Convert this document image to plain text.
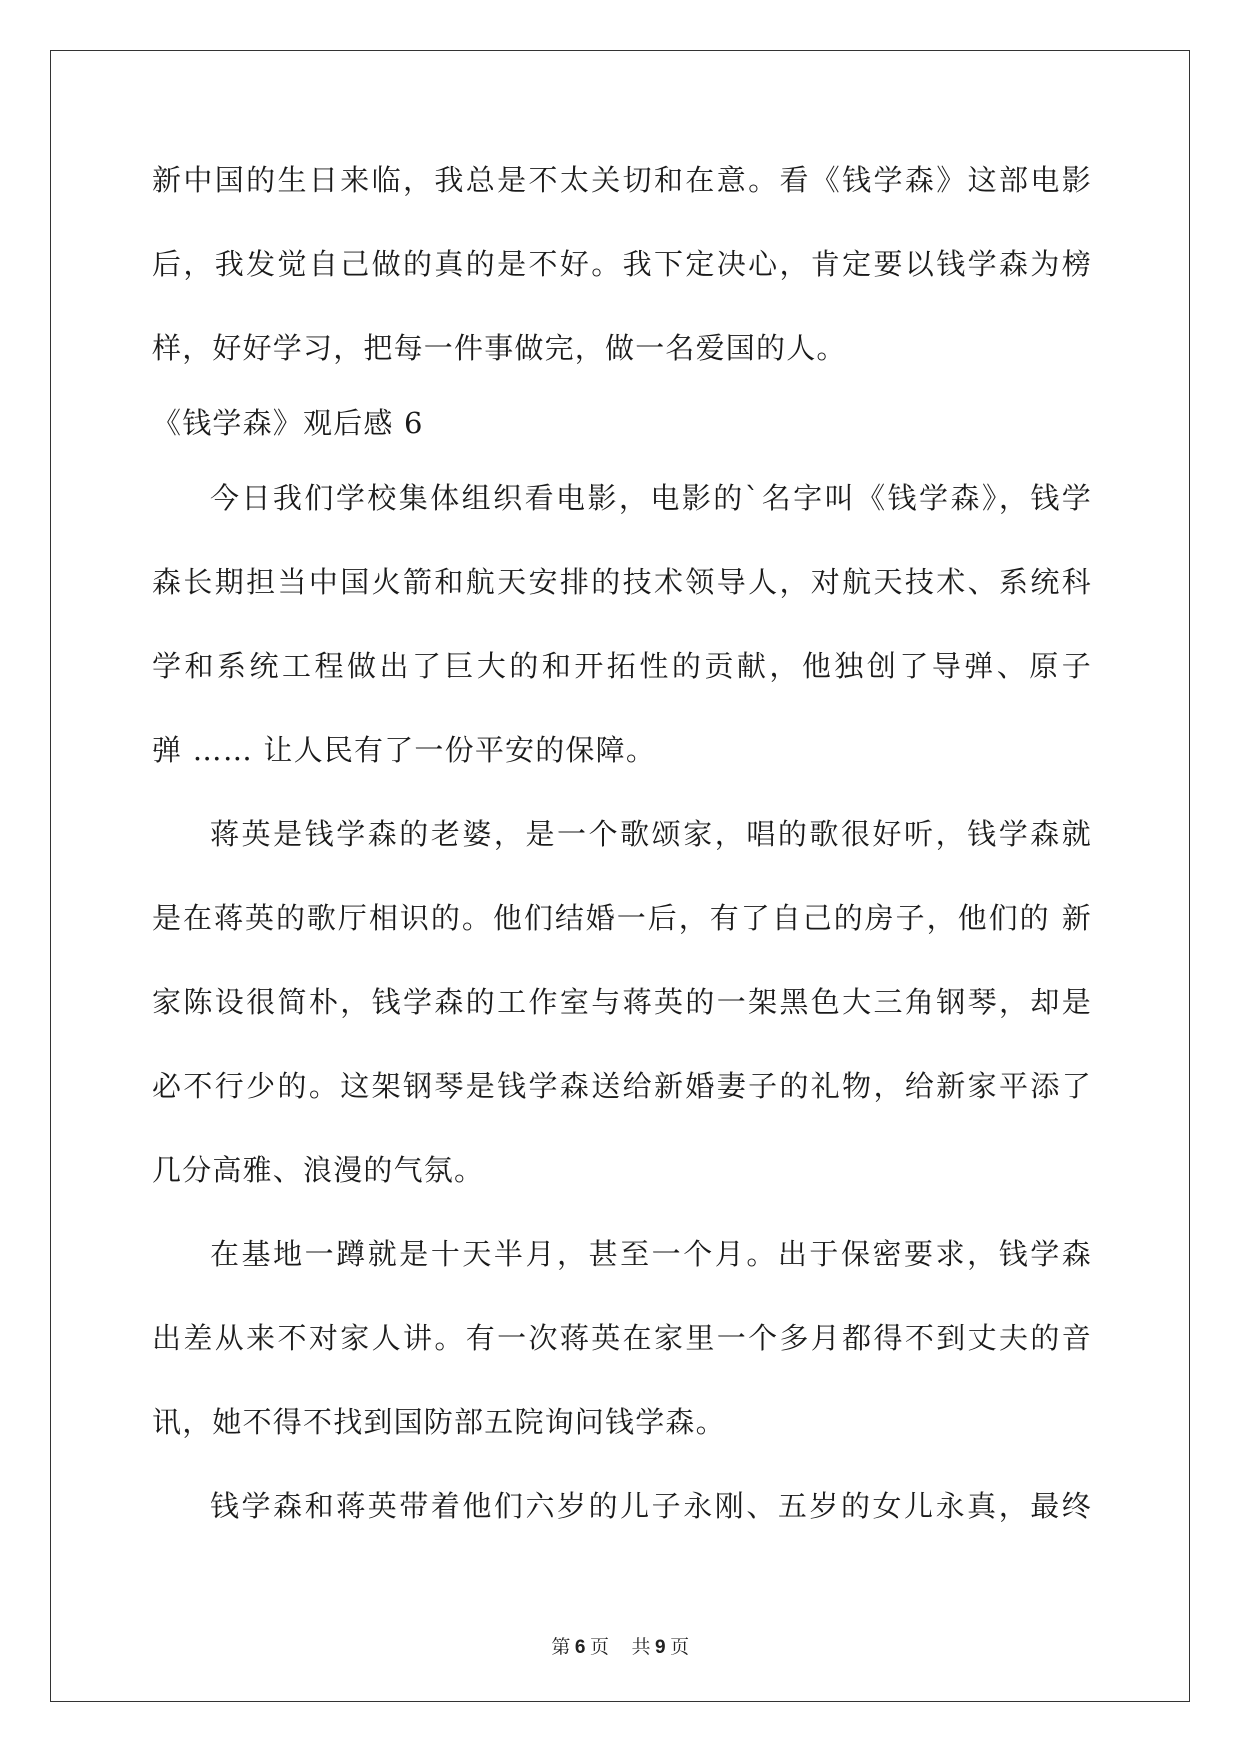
新中国的生日来临，我总是不太关切和在意。看《钱学森》这部电影
后，我发觉自己做的真的是不好。我下定决心，肯定要以钱学森为榜
样，好好学习，把每一件事做完，做一名爱国的人。
《钱学森》观后感 6
今日我们学校集体组织看电影，电影的`名字叫《钱学森》，钱学
森长期担当中国火箭和航天安排的技术领导人，对航天技术、系统科
学和系统工程做出了巨大的和开拓性的贡献，他独创了导弹、原子
弹 …… 让人民有了一份平安的保障。
蒋英是钱学森的老婆，是一个歌颂家，唱的歌很好听，钱学森就
是在蒋英的歌厅相识的。他们结婚一后，有了自己的房子，他们的 新
家陈设很简朴，钱学森的工作室与蒋英的一架黑色大三角钢琴，却是
必不行少的。这架钢琴是钱学森送给新婚妻子的礼物，给新家平添了
几分高雅、浪漫的气氛。
在基地一蹲就是十天半月，甚至一个月。出于保密要求，钱学森
出差从来不对家人讲。有一次蒋英在家里一个多月都得不到丈夫的音
讯，她不得不找到国防部五院询问钱学森。
钱学森和蒋英带着他们六岁的儿子永刚、五岁的女儿永真，最终
第 6 页 共 9 页
